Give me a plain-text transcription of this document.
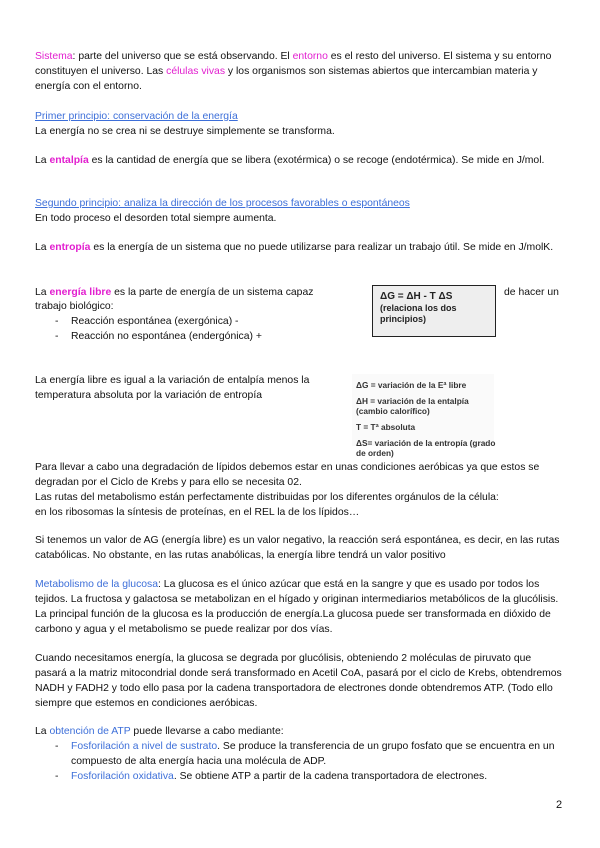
Sistema: parte del universo que se está observando. El entorno es el resto del universo. El sistema y su entorno constituyen el universo. Las células vivas y los organismos son sistemas abiertos que intercambian materia y energía con el entorno.

Primer principio: conservación de la energía

La energía no se crea ni se destruye simplemente se transforma.

La entalpía es la cantidad de energía que se libera (exotérmica) o se recoge (endotérmica). Se mide en J/mol.

Segundo principio: analiza la dirección de los procesos favorables o espontáneos

En todo proceso el desorden total siempre aumenta.

La entropía es la energía de un sistema que no puede utilizarse para realizar un trabajo útil. Se mide en J/molK.

La energía libre es la parte de energía de un sistema capaz	de hacer un

trabajo biológico:

- Reacción espontánea (exergónica) -
- Reacción no espontánea (endergónica) +
ΔG = ΔH - T ΔS
(relaciona los dos principios)

La energía libre es igual a la variación de entalpía menos la temperatura absoluta por la variación de entropía

ΔG = variación de la Eª libre

ΔH = variación de la entalpía (cambio calorífico)

T = Tª absoluta

ΔS= variación de la entropía (grado de orden)

Para llevar a cabo una degradación de lípidos debemos estar en unas condiciones aeróbicas ya que estos se degradan por el Ciclo de Krebs y para ello se necesita 02.

Las rutas del metabolismo están perfectamente distribuidas por los diferentes orgánulos de la célula:

en los ribosomas la síntesis de proteínas, en el REL la de los lípidos…

Si tenemos un valor de AG (energía libre) es un valor negativo, la reacción será espontánea, es decir, en las rutas catabólicas. No obstante, en las rutas anabólicas, la energía libre tendrá un valor positivo

Metabolismo de la glucosa: La glucosa es el único azúcar que está en la sangre y que es usado por todos los tejidos. La fructosa y galactosa se metabolizan en el hígado y originan intermediarios metabólicos de la glucólisis. La principal función de la glucosa es la producción de energía.La glucosa puede ser transformada en dióxido de carbono y agua y el metabolismo se puede realizar por dos vías.

Cuando necesitamos energía, la glucosa se degrada por glucólisis, obteniendo 2 moléculas de piruvato que pasará a la matriz mitocondrial donde será transformado en Acetil CoA, pasará por el ciclo de Krebs, obtendremos NADH y FADH2 y todo ello pasa por la cadena transportadora de electrones donde obtendremos ATP. (Todo ello siempre que estemos en condiciones aeróbicas.

La obtención de ATP puede llevarse a cabo mediante:

- Fosforilación a nivel de sustrato. Se produce la transferencia de un grupo fosfato que se encuentra en un compuesto de alta energía hacia una molécula de ADP.
- Fosforilación oxidativa. Se obtiene ATP a partir de la cadena transportadora de electrones.

2
